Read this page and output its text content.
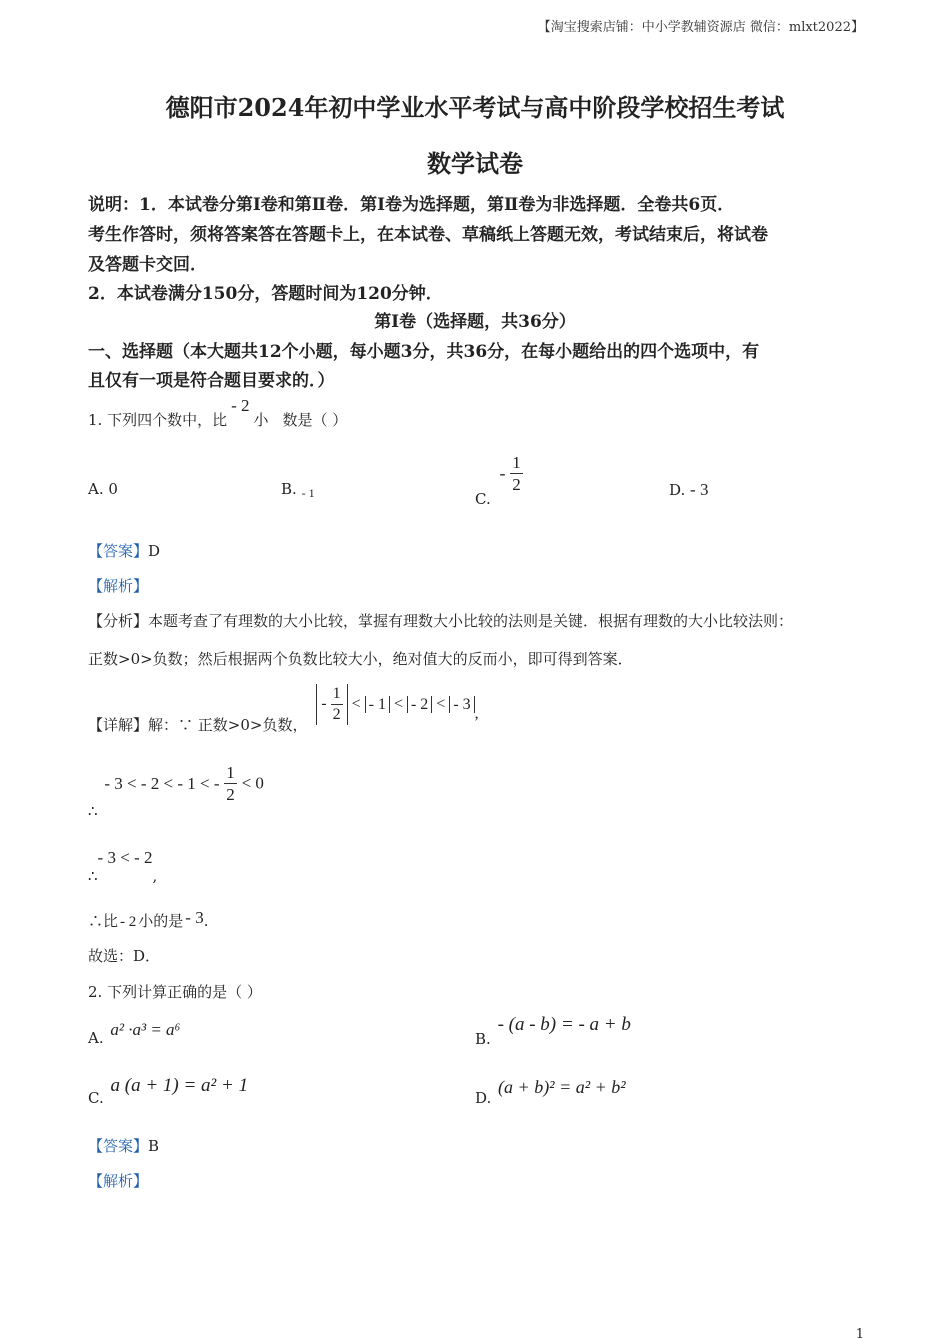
【淘宝搜索店铺：中小学教辅资源店 微信：mlxt2022】
德阳市2024年初中学业水平考试与高中阶段学校招生考试
数学试卷
说明：1．本试卷分第Ⅰ卷和第Ⅱ卷．第Ⅰ卷为选择题，第Ⅱ卷为非选择题．全卷共6页．
考生作答时，须将答案答在答题卡上，在本试卷、草稿纸上答题无效，考试结束后，将试卷
及答题卡交回．
2．本试卷满分150分，答题时间为120分钟．
第Ⅰ卷（选择题，共36分）
一、选择题（本大题共12个小题，每小题3分，共36分，在每小题给出的四个选项中，有
且仅有一项是符合题目要求的．）
1. 下列四个数中，比- 2小 数是（ ）
A. 0	B. $_{- 1}$	C. - $\frac{1}{2}$	D. - 3
【答案】D
【解析】
【分析】本题考查了有理数的大小比较，掌握有理数大小比较的法则是关键．根据有理数的大小比较法则：
正数>0>负数；然后根据两个负数比较大小，绝对值大的反而小，即可得到答案．
【详解】解：∵ 正数>0>负数， - $\frac{1}{2}$ < - 1 < - 2 < - 3,
∴ - 3 < - 2 < - 1 < - $\frac{1}{2} < 0$
∴- 3 < - 2,
∴比 - 2 小的是 - 3.
故选：D．
2. 下列计算正确的是（ ）
A. a² ·a³ = a⁶	B. - (a - b) = - a + b
C. a (a + 1) = a² + 1
D. (a + b)² = a² + b²
【答案】B
【解析】
1
